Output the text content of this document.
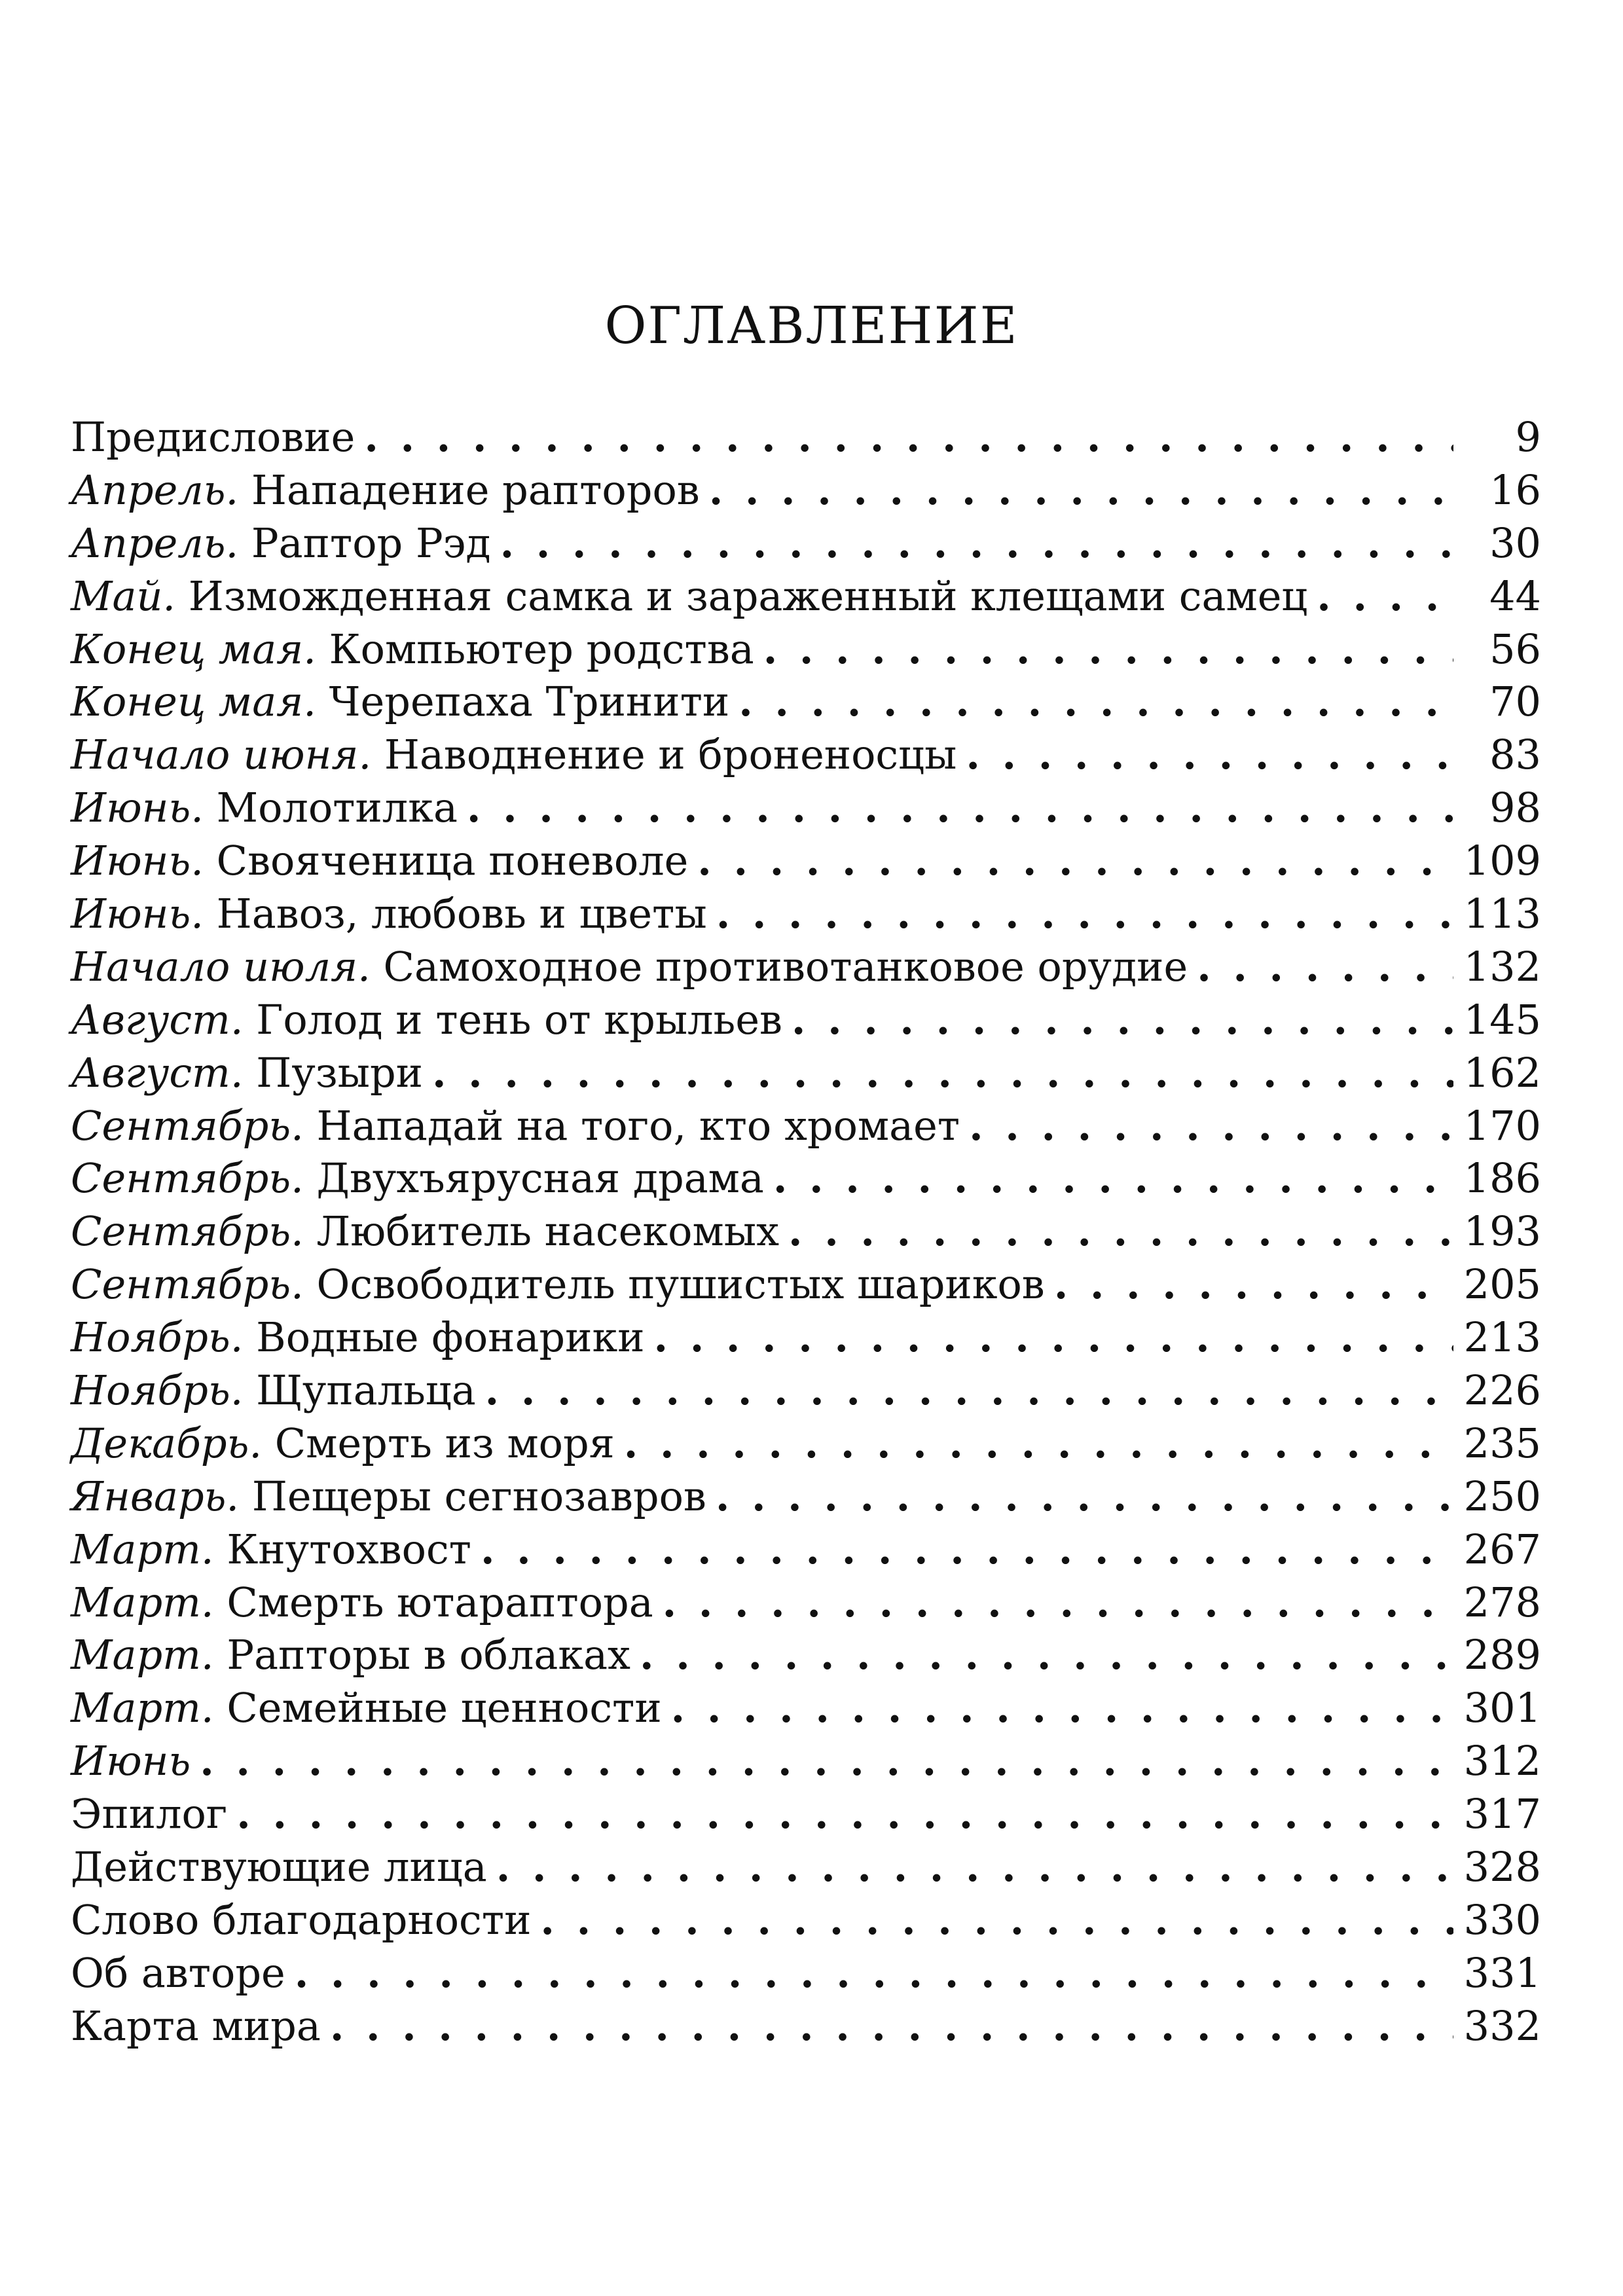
ОГЛАВЛЕНИЕ
Предисловие . . .	9
Апрель. Нападение рапторов . . .	16
Апрель. Раптор Рэд . . .	30
Май. Изможденная самка и зараженный клещами самец . . .	44
Конец мая. Компьютер родства . . .	56
Конец мая. Черепаха Тринити . . .	70
Начало июня. Наводнение и броненосцы . . .	83
Июнь. Молотилка . . .	98
Июнь. Свояченица поневоле . . .	109
Июнь. Навоз, любовь и цветы . . .	113
Начало июля. Самоходное противотанковое орудие . . .	132
Август. Голод и тень от крыльев . . .	145
Август. Пузыри . . .	162
Сентябрь. Нападай на того, кто хромает . . .	170
Сентябрь. Двухъярусная драма . . .	186
Сентябрь. Любитель насекомых . . .	193
Сентябрь. Освободитель пушистых шариков . . .	205
Ноябрь. Водные фонарики . . .	213
Ноябрь. Щупальца . . .	226
Декабрь. Смерть из моря . . .	235
Январь. Пещеры сегнозавров . . .	250
Март. Кнутохвост . . .	267
Март. Смерть ютараптора . . .	278
Март. Рапторы в облаках . . .	289
Март. Семейные ценности . . .	301
Июнь . . .	312
Эпилог . . .	317
Действующие лица . . .	328
Слово благодарности . . .	330
Об авторе . . .	331
Карта мира . . .	332
